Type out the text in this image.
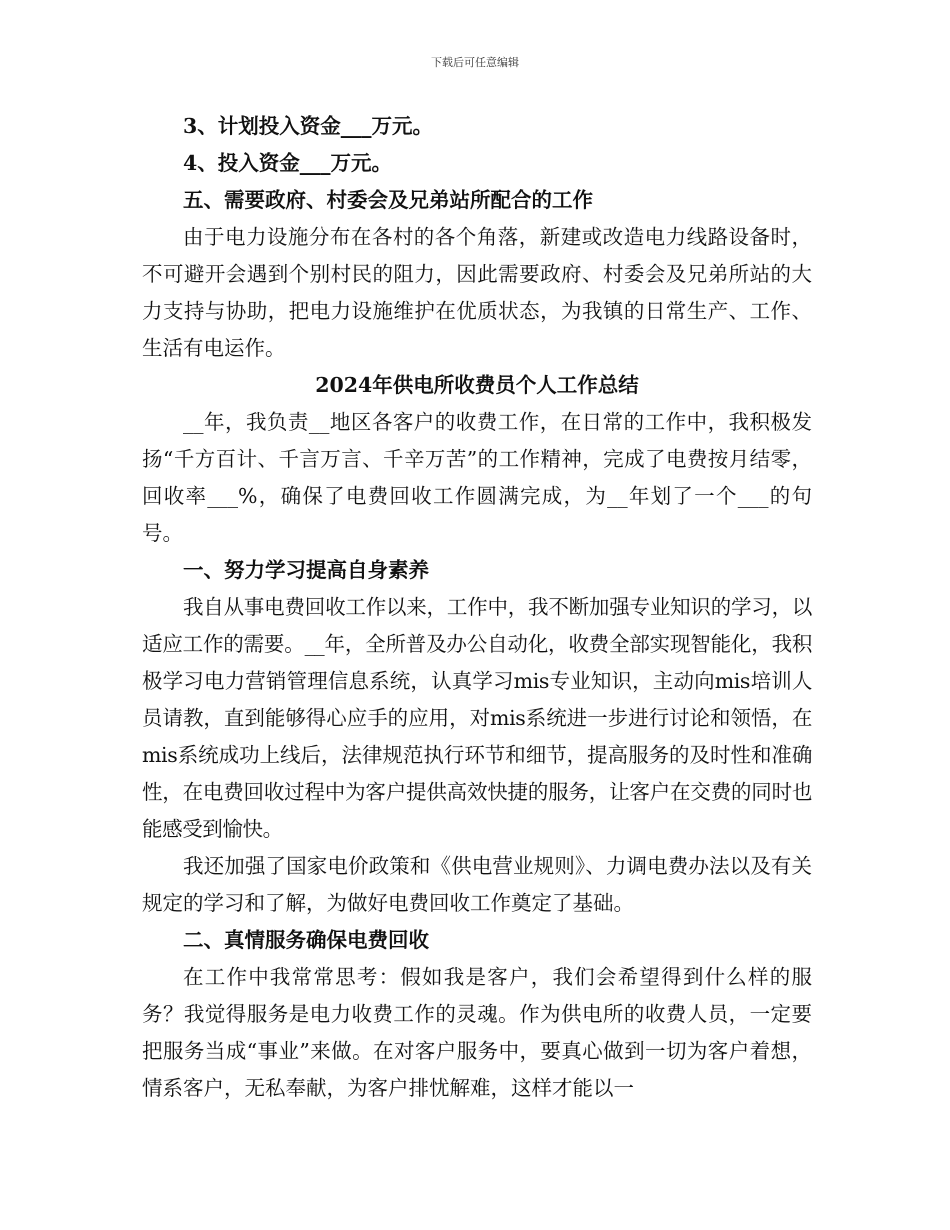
下载后可任意编辑

3、计划投入资金___万元。

4、投入资金___万元。

五、需要政府、村委会及兄弟站所配合的工作

由于电力设施分布在各村的各个角落，新建或改造电力线路设备时，不可避开会遇到个别村民的阻力，因此需要政府、村委会及兄弟所站的大力支持与协助，把电力设施维护在优质状态，为我镇的日常生产、工作、生活有电运作。

2024年供电所收费员个人工作总结

__年，我负责__地区各客户的收费工作，在日常的工作中，我积极发扬“千方百计、千言万言、千辛万苦”的工作精神，完成了电费按月结零，回收率___%，确保了电费回收工作圆满完成，为__年划了一个___的句号。

一、努力学习提高自身素养

我自从事电费回收工作以来，工作中，我不断加强专业知识的学习，以适应工作的需要。__年，全所普及办公自动化，收费全部实现智能化，我积极学习电力营销管理信息系统，认真学习mis专业知识，主动向mis培训人员请教，直到能够得心应手的应用，对mis系统进一步进行讨论和领悟，在mis系统成功上线后，法律规范执行环节和细节，提高服务的及时性和准确性，在电费回收过程中为客户提供高效快捷的服务，让客户在交费的同时也能感受到愉快。

我还加强了国家电价政策和《供电营业规则》、力调电费办法以及有关规定的学习和了解，为做好电费回收工作奠定了基础。

二、真情服务确保电费回收

在工作中我常常思考：假如我是客户，我们会希望得到什么样的服务？我觉得服务是电力收费工作的灵魂。作为供电所的收费人员，一定要把服务当成“事业”来做。在对客户服务中，要真心做到一切为客户着想，情系客户，无私奉献，为客户排忧解难，这样才能以一
